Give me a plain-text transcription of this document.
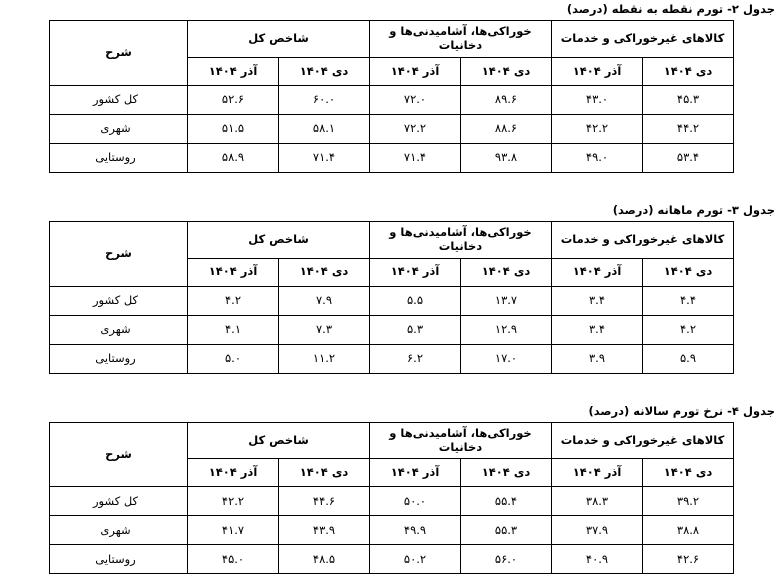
جدول ۲- تورم نقطه به نقطه (درصد)
کالاهای غیرخوراکی و خدمات		خوراکی‌ها، آشامیدنی‌ها و دخانیات		شاخص کل		شرح
دی ۱۴۰۴	آذر ۱۴۰۴	دی ۱۴۰۴	آذر ۱۴۰۴	دی ۱۴۰۴	آذر ۱۴۰۴	
۴۵.۳	۴۳.۰	۸۹.۶	۷۲.۰	۶۰.۰	۵۲.۶	کل کشور
۴۴.۲	۴۲.۲	۸۸.۶	۷۲.۲	۵۸.۱	۵۱.۵	شهری
۵۳.۴	۴۹.۰	۹۳.۸	۷۱.۴	۷۱.۴	۵۸.۹	روستایی
جدول ۳- تورم ماهانه (درصد)
کالاهای غیرخوراکی و خدمات		خوراکی‌ها، آشامیدنی‌ها و دخانیات		شاخص کل		شرح
دی ۱۴۰۴	آذر ۱۴۰۴	دی ۱۴۰۴	آذر ۱۴۰۴	دی ۱۴۰۴	آذر ۱۴۰۴	
۴.۴	۳.۴	۱۳.۷	۵.۵	۷.۹	۴.۲	کل کشور
۴.۲	۳.۴	۱۲.۹	۵.۳	۷.۳	۴.۱	شهری
۵.۹	۳.۹	۱۷.۰	۶.۲	۱۱.۲	۵.۰	روستایی
جدول ۴- نرخ تورم سالانه (درصد)
کالاهای غیرخوراکی و خدمات		خوراکی‌ها، آشامیدنی‌ها و دخانیات		شاخص کل		شرح
دی ۱۴۰۴	آذر ۱۴۰۴	دی ۱۴۰۴	آذر ۱۴۰۴	دی ۱۴۰۴	آذر ۱۴۰۴	
۳۹.۲	۳۸.۳	۵۵.۴	۵۰.۰	۴۴.۶	۴۲.۲	کل کشور
۳۸.۸	۳۷.۹	۵۵.۳	۴۹.۹	۴۳.۹	۴۱.۷	شهری
۴۲.۶	۴۰.۹	۵۶.۰	۵۰.۲	۴۸.۵	۴۵.۰	روستایی
